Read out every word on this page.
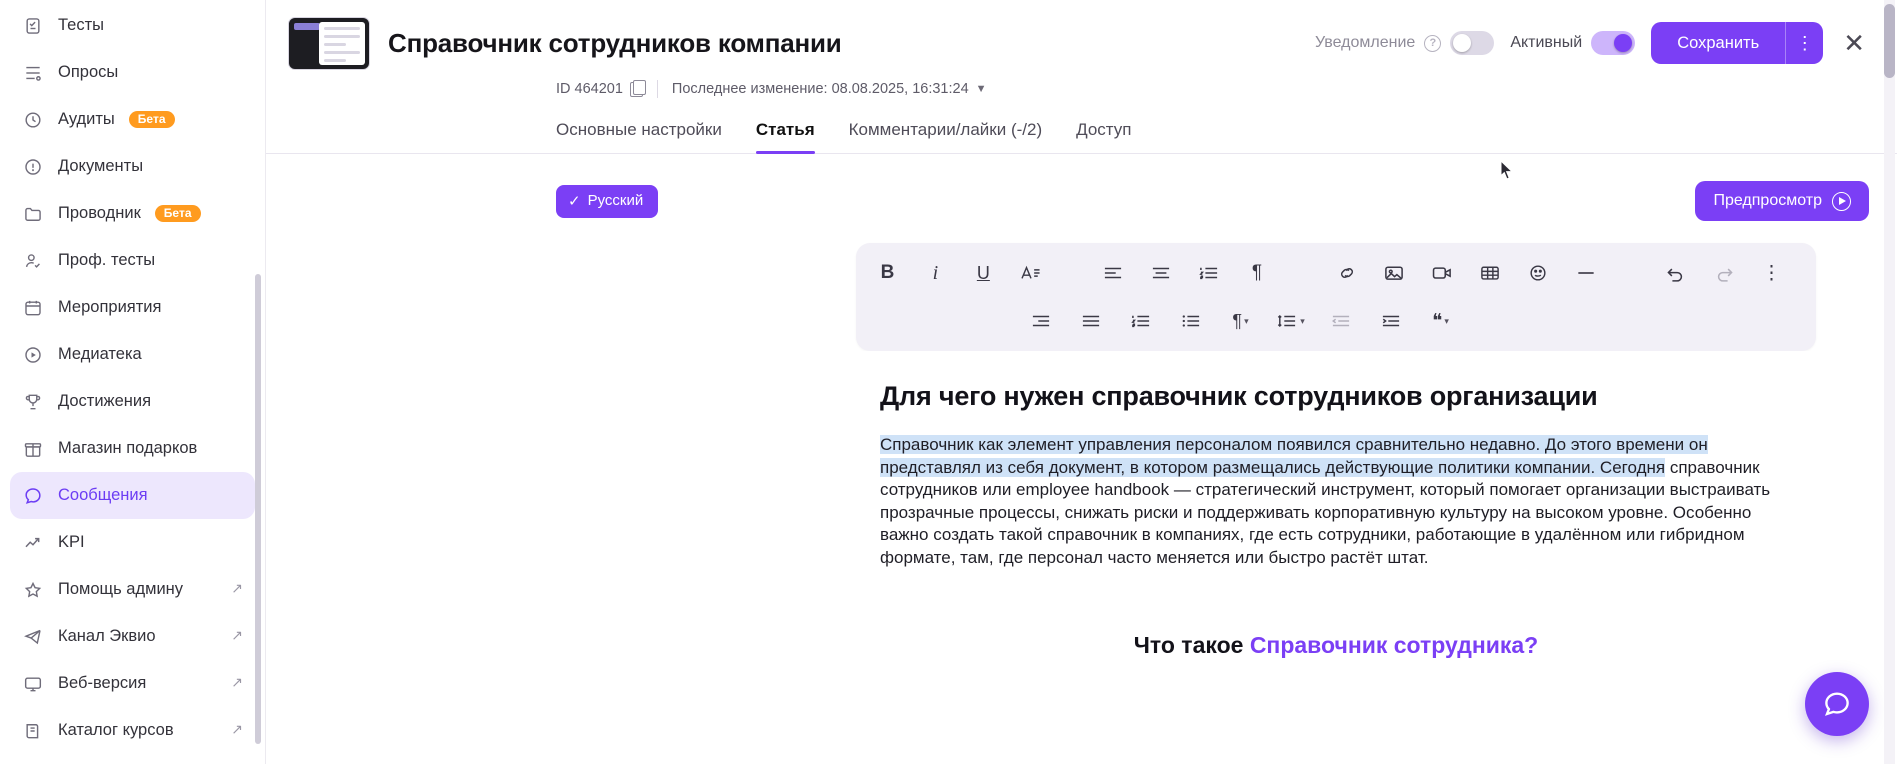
Тесты
Опросы
Аудиты	Бета
Документы
Проводник	Бета
Проф. тесты
Мероприятия
Медиатека
Достижения
Магазин подарков
Сообщения
KPI
Помощь админу	↗
Канал Эквио	↗
Веб-версия	↗
Каталог курсов	↗
Справочник сотрудников компании	Уведомление	?	Активный	Сохранить	⋮	✕
ID 464201	Последнее изменение: 08.08.2025, 16:31:24 ▼
Основные настройки Статья Комментарии/лайки (-/2) Доступ
✓ Русский	Предпросмотр
B	i	U	¶	⋮
¶ ▾	▾	❝ ▾
Для чего нужен справочник сотрудников организации

Справочник как элемент управления персоналом появился сравнительно недавно. До этого времени он представлял из себя документ, в котором размещались действующие политики компании. Сегодня справочник сотрудников или employee handbook — стратегический инструмент, который помогает организации выстраивать прозрачные процессы, снижать риски и поддерживать корпоративную культуру на высоком уровне. Особенно важно создать такой справочник в компаниях, где есть сотрудники, работающие в удалённом или гибридном формате, там, где персонал часто меняется или быстро растёт штат.

Что такое Справочник сотрудника?
